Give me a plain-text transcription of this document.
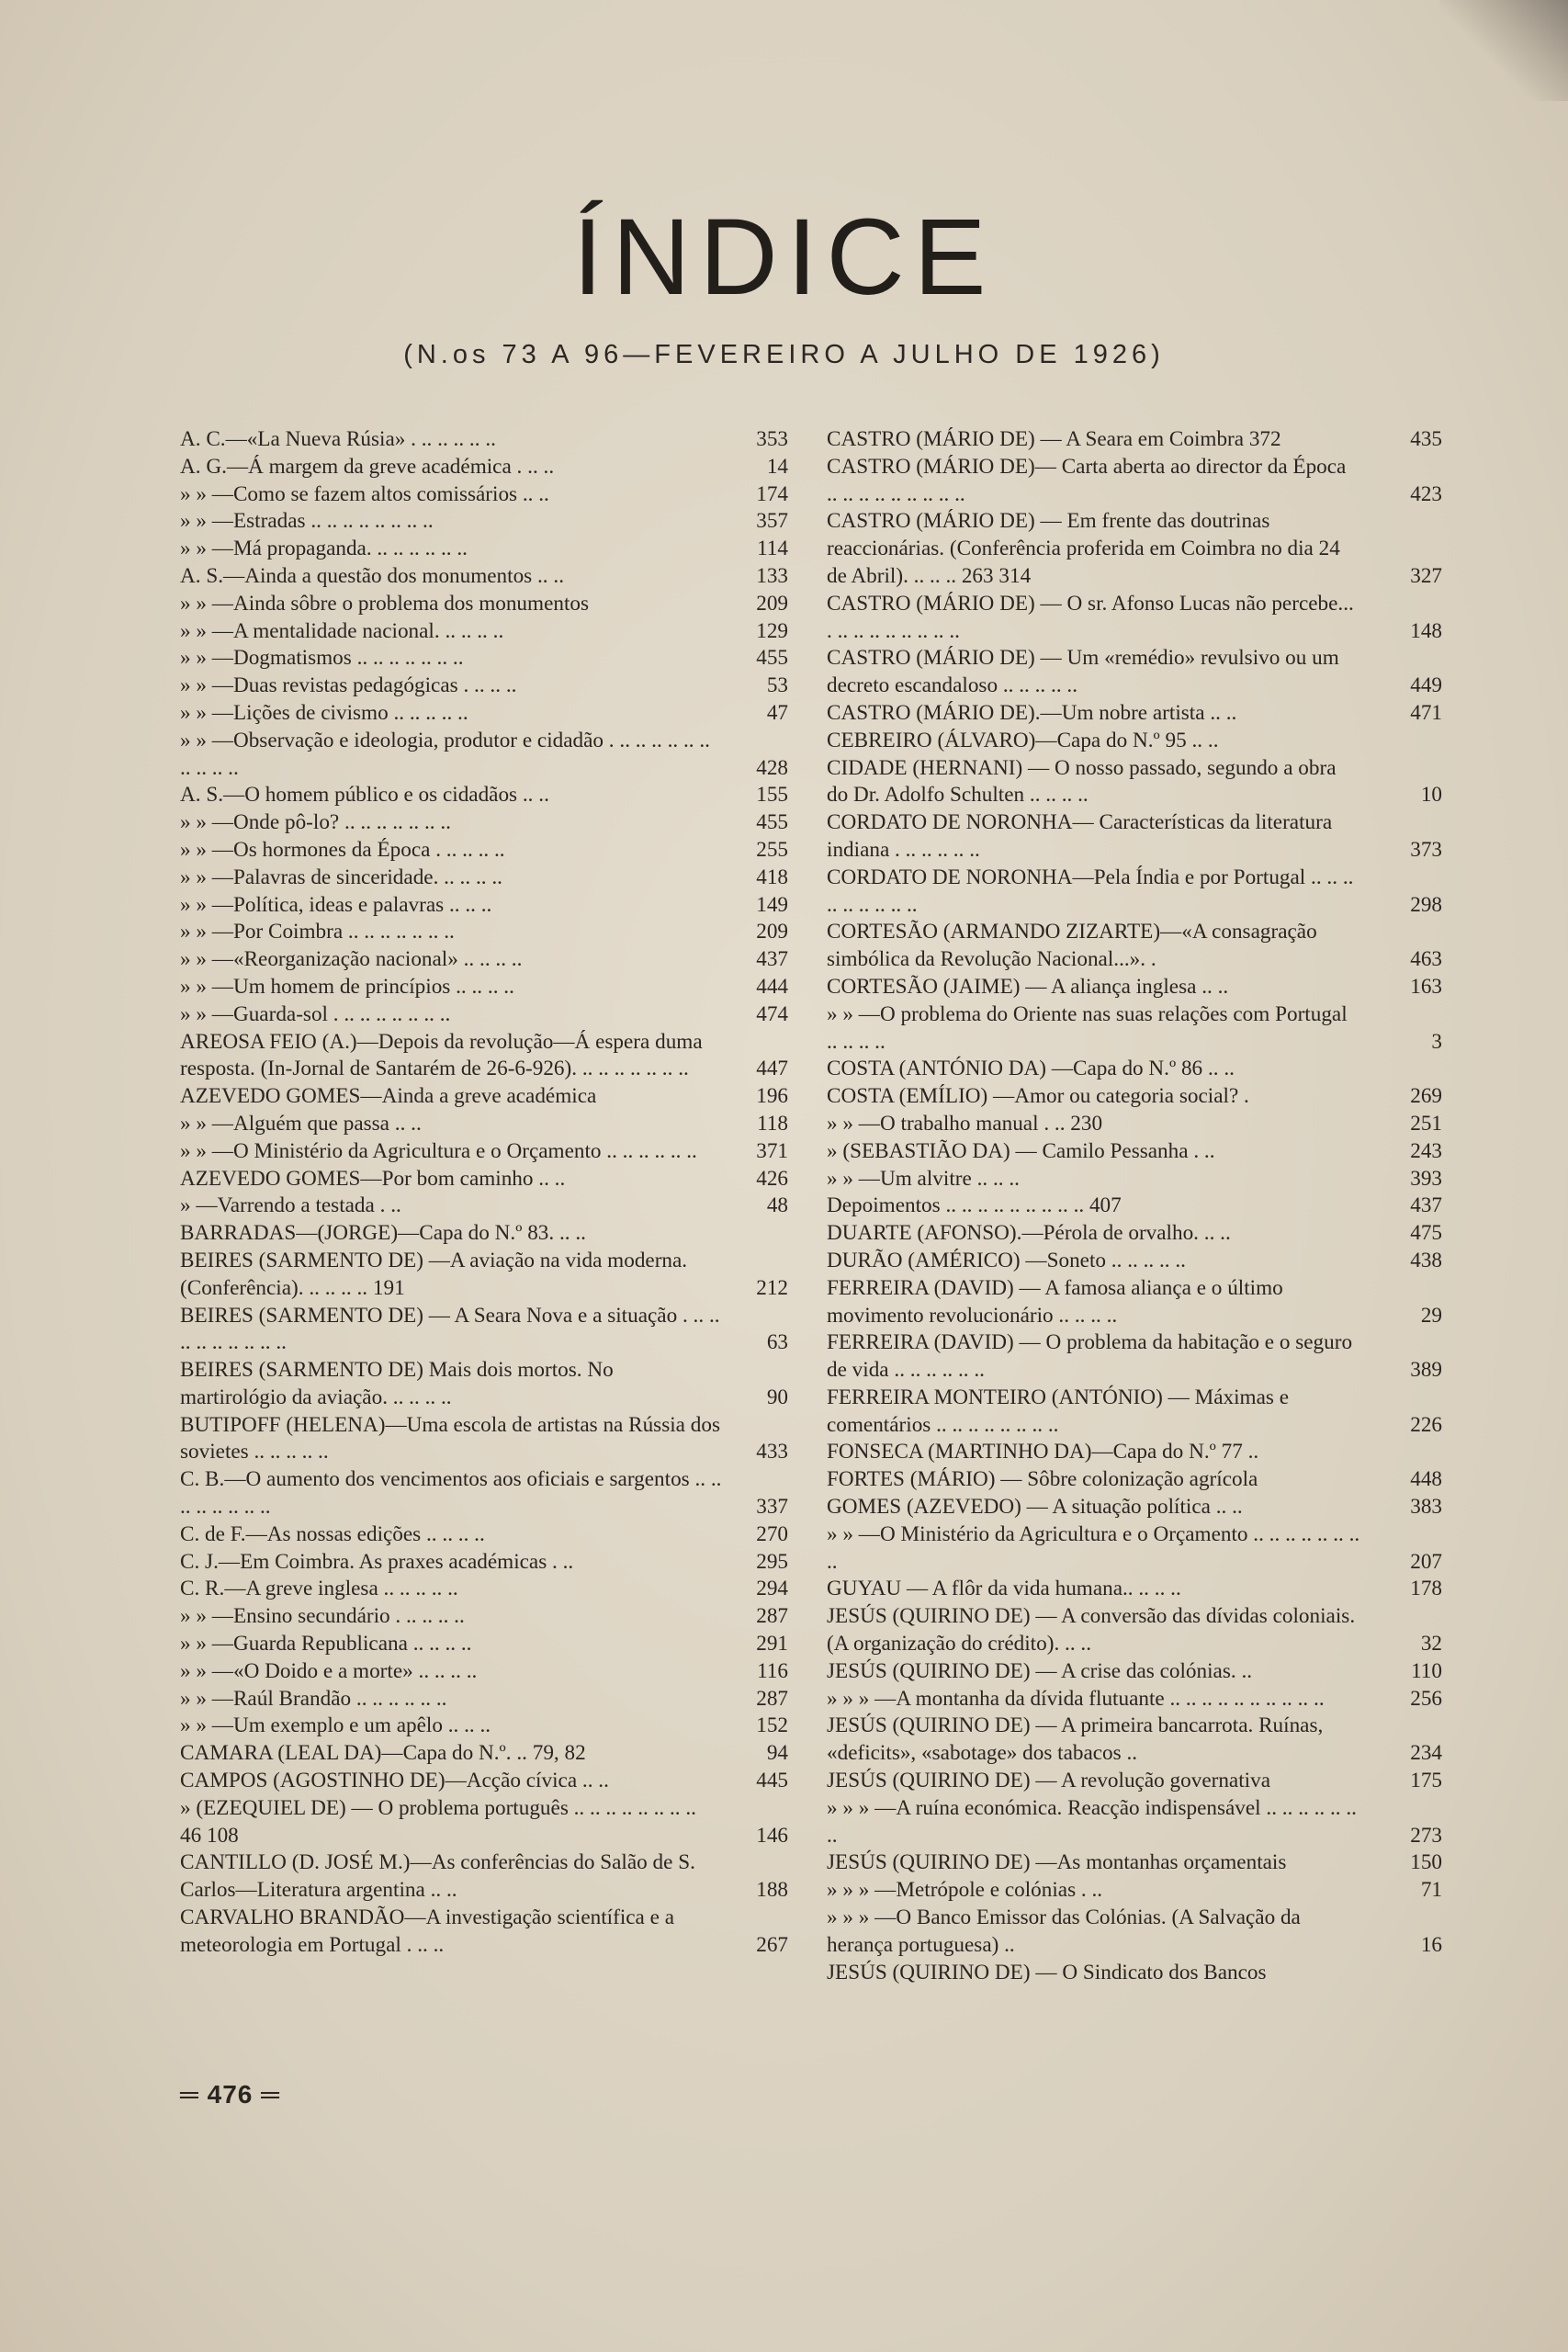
ÍNDICE
(N.os 73 A 96—FEVEREIRO A JULHO DE 1926)
A. C.—«La Nueva Rúsia» . .. .. .. .. ..	353
A. G.—Á margem da greve académica . .. ..	14
» » —Como se fazem altos comissários .. ..	174
» » —Estradas .. .. .. .. .. .. .. ..	357
» » —Má propaganda. .. .. .. .. .. ..	114
A. S.—Ainda a questão dos monumentos .. ..	133
» » —Ainda sôbre o problema dos monumentos	209
» » —A mentalidade nacional. .. .. .. ..	129
» » —Dogmatismos .. .. .. .. .. .. ..	455
» » —Duas revistas pedagógicas . .. .. ..	53
» » —Lições de civismo .. .. .. .. ..	47
» » —Observação e ideologia, produtor e cidadão . .. .. .. .. .. .. .. .. .. ..	428
A. S.—O homem público e os cidadãos .. ..	155
» » —Onde pô-lo? .. .. .. .. .. .. ..	455
» » —Os hormones da Época . .. .. .. ..	255
» » —Palavras de sinceridade. .. .. .. ..	418
» » —Política, ideas e palavras .. .. ..	149
» » —Por Coimbra .. .. .. .. .. .. ..	209
» » —«Reorganização nacional» .. .. .. ..	437
» » —Um homem de princípios .. .. .. ..	444
» » —Guarda-sol . .. .. .. .. .. .. ..	474
AREOSA FEIO (A.)—Depois da revolução—Á espera duma resposta. (In-Jornal de Santarém de 26-6-926). .. .. .. .. .. .. ..	447
AZEVEDO GOMES—Ainda a greve académica	196
» » —Alguém que passa .. ..	118
» » —O Ministério da Agricultura e o Orçamento .. .. .. .. .. ..	371
AZEVEDO GOMES—Por bom caminho .. ..	426
» —Varrendo a testada . ..	48
BARRADAS—(JORGE)—Capa do N.º 83. .. ..
BEIRES (SARMENTO DE) —A aviação na vida moderna. (Conferência). .. .. .. .. 191	212
BEIRES (SARMENTO DE) — A Seara Nova e a situação . .. .. .. .. .. .. .. .. ..	63
BEIRES (SARMENTO DE) Mais dois mortos. No martirológio da aviação. .. .. .. ..	90
BUTIPOFF (HELENA)—Uma escola de artistas na Rússia dos sovietes .. .. .. .. ..	433
C. B.—O aumento dos vencimentos aos oficiais e sargentos .. .. .. .. .. .. .. ..	337
C. de F.—As nossas edições .. .. .. ..	270
C. J.—Em Coimbra. As praxes académicas . ..	295
C. R.—A greve inglesa .. .. .. .. ..	294
» » —Ensino secundário . .. .. .. ..	287
» » —Guarda Republicana .. .. .. ..	291
» » —«O Doido e a morte» .. .. .. ..	116
» » —Raúl Brandão .. .. .. .. .. ..	287
» » —Um exemplo e um apêlo .. .. ..	152
CAMARA (LEAL DA)—Capa do N.º. .. 79, 82	94
CAMPOS (AGOSTINHO DE)—Acção cívica .. ..	445
» (EZEQUIEL DE) — O problema português .. .. .. .. .. .. .. .. 46 108	146
CANTILLO (D. JOSÉ M.)—As conferências do Salão de S. Carlos—Literatura argentina .. ..	188
CARVALHO BRANDÃO—A investigação scientífica e a meteorologia em Portugal . .. ..	267
CASTRO (MÁRIO DE) — A Seara em Coimbra 372	435
CASTRO (MÁRIO DE)— Carta aberta ao director da Época .. .. .. .. .. .. .. .. ..	423
CASTRO (MÁRIO DE) — Em frente das doutrinas reaccionárias. (Conferência proferida em Coimbra no dia 24 de Abril). .. .. .. 263 314	327
CASTRO (MÁRIO DE) — O sr. Afonso Lucas não percebe... . .. .. .. .. .. .. .. ..	148
CASTRO (MÁRIO DE) — Um «remédio» revulsivo ou um decreto escandaloso .. .. .. .. ..	449
CASTRO (MÁRIO DE).—Um nobre artista .. ..	471
CEBREIRO (ÁLVARO)—Capa do N.º 95 .. ..
CIDADE (HERNANI) — O nosso passado, segundo a obra do Dr. Adolfo Schulten .. .. .. ..	10
CORDATO DE NORONHA— Características da literatura indiana . .. .. .. .. ..	373
CORDATO DE NORONHA—Pela Índia e por Portugal .. .. .. .. .. .. .. .. ..	298
CORTESÃO (ARMANDO ZIZARTE)—«A consagração simbólica da Revolução Nacional...». .	463
CORTESÃO (JAIME) — A aliança inglesa .. ..	163
» » —O problema do Oriente nas suas relações com Portugal .. .. .. ..	3
COSTA (ANTÓNIO DA) —Capa do N.º 86 .. ..
COSTA (EMÍLIO) —Amor ou categoria social? .	269
» » —O trabalho manual . .. 230	251
» (SEBASTIÃO DA) — Camilo Pessanha . ..	243
» » —Um alvitre .. .. ..	393
Depoimentos .. .. .. .. .. .. .. .. .. 407	437
DUARTE (AFONSO).—Pérola de orvalho. .. ..	475
DURÃO (AMÉRICO) —Soneto .. .. .. .. ..	438
FERREIRA (DAVID) — A famosa aliança e o último movimento revolucionário .. .. .. ..	29
FERREIRA (DAVID) — O problema da habitação e o seguro de vida .. .. .. .. .. ..	389
FERREIRA MONTEIRO (ANTÓNIO) — Máximas e comentários .. .. .. .. .. .. .. ..	226
FONSECA (MARTINHO DA)—Capa do N.º 77 ..
FORTES (MÁRIO) — Sôbre colonização agrícola	448
GOMES (AZEVEDO) — A situação política .. ..	383
» » —O Ministério da Agricultura e o Orçamento .. .. .. .. .. .. .. ..	207
GUYAU — A flôr da vida humana.. .. .. ..	178
JESÚS (QUIRINO DE) — A conversão das dívidas coloniais. (A organização do crédito). .. ..	32
JESÚS (QUIRINO DE) — A crise das colónias. ..	110
» » » —A montanha da dívida flutuante .. .. .. .. .. .. .. .. .. ..	256
JESÚS (QUIRINO DE) — A primeira bancarrota. Ruínas, «deficits», «sabotage» dos tabacos ..	234
JESÚS (QUIRINO DE) — A revolução governativa	175
» » » —A ruína económica. Reacção indispensável .. .. .. .. .. .. ..	273
JESÚS (QUIRINO DE) —As montanhas orçamentais	150
» » » —Metrópole e colónias . ..	71
» » » —O Banco Emissor das Colónias. (A Salvação da herança portuguesa) ..	16
JESÚS (QUIRINO DE) — O Sindicato dos Bancos
═ 476 ═
